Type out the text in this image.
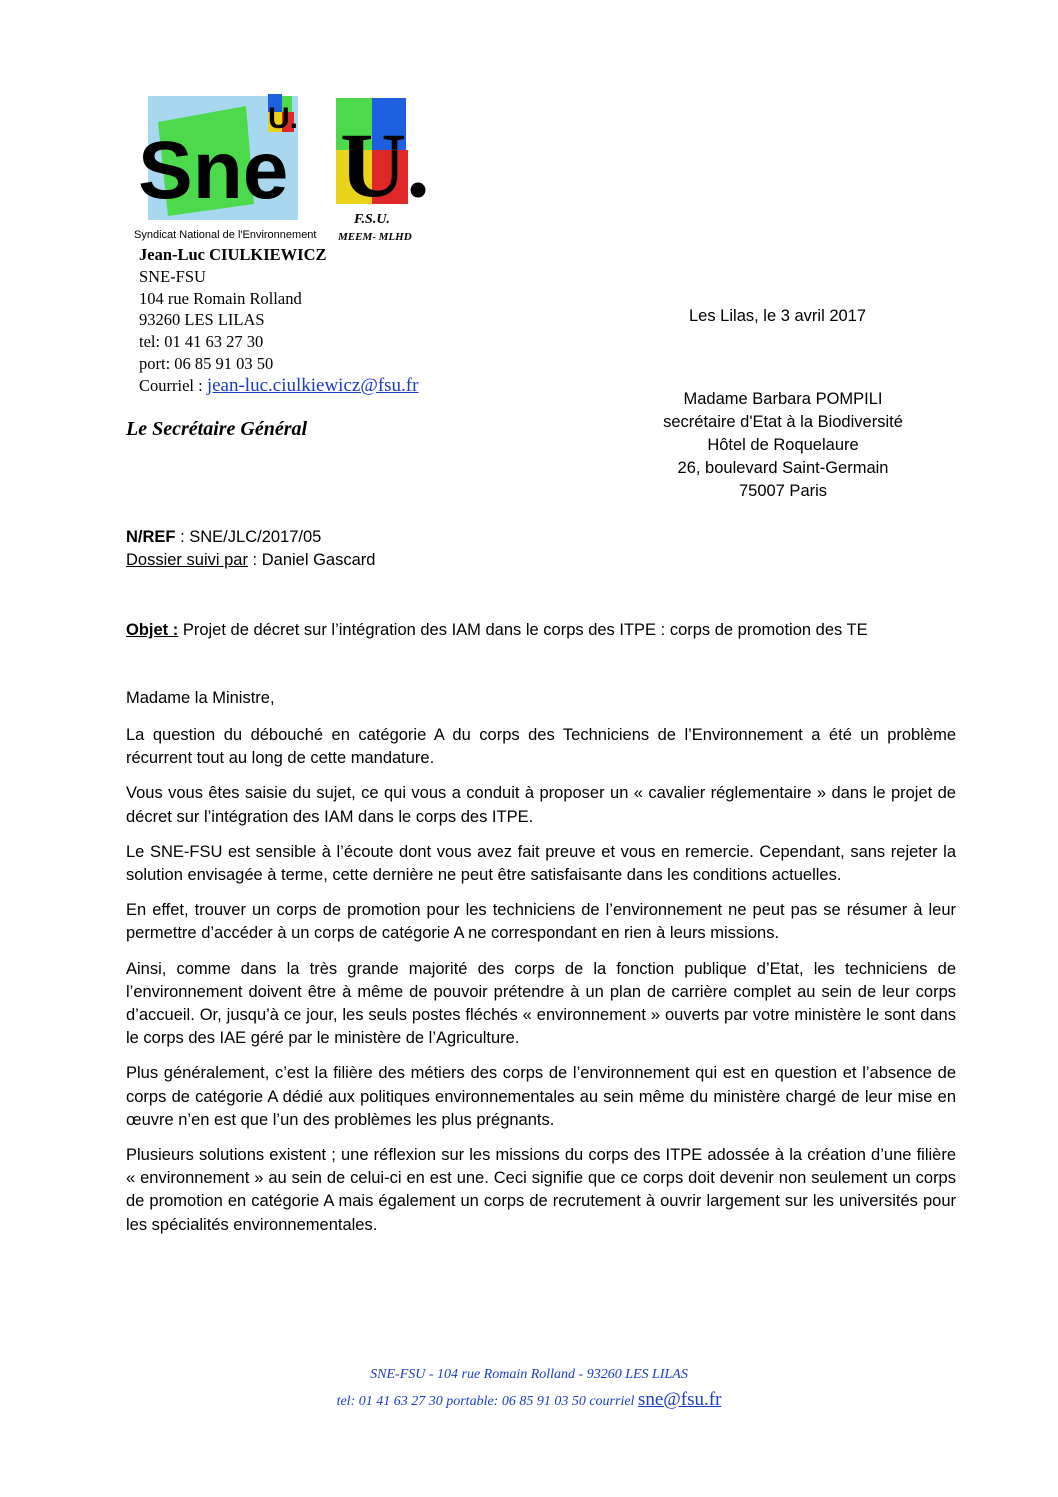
Sne
U.
Syndicat National de l'Environnement
U.
F.S.U.
MEEM- MLHD
Jean-Luc CIULKIEWICZ
SNE-FSU
104 rue Romain Rolland
93260 LES LILAS
tel: 01 41 63 27 30
port: 06 85 91 03 50
Courriel : jean-luc.ciulkiewicz@fsu.fr
Le Secrétaire Général
Les Lilas, le 3 avril 2017
Madame Barbara POMPILI
secrétaire d'Etat à la Biodiversité
Hôtel de Roquelaure
26, boulevard Saint-Germain
75007 Paris
N/REF : SNE/JLC/2017/05
Dossier suivi par : Daniel Gascard
Objet : Projet de décret sur l’intégration des IAM dans le corps des ITPE : corps de promotion des TE
Madame la Ministre,

La question du débouché en catégorie A du corps des Techniciens de l’Environnement a été un problème récurrent tout au long de cette mandature.

Vous vous êtes saisie du sujet, ce qui vous a conduit à proposer un « cavalier réglementaire » dans le projet de décret sur l’intégration des IAM dans le corps des ITPE.

Le SNE-FSU est sensible à l’écoute dont vous avez fait preuve et vous en remercie. Cependant, sans rejeter la solution envisagée à terme, cette dernière ne peut être satisfaisante dans les conditions actuelles.

En effet, trouver un corps de promotion pour les techniciens de l’environnement ne peut pas se résumer à leur permettre d’accéder à un corps de catégorie A ne correspondant en rien à leurs missions.

Ainsi, comme dans la très grande majorité des corps de la fonction publique d’Etat, les techniciens de l’environnement doivent être à même de pouvoir prétendre à un plan de carrière complet au sein de leur corps d’accueil. Or, jusqu’à ce jour, les seuls postes fléchés « environnement » ouverts par votre ministère le sont dans le corps des IAE géré par le ministère de l’Agriculture.

Plus généralement, c’est la filière des métiers des corps de l’environnement qui est en question et l’absence de corps de catégorie A dédié aux politiques environnementales au sein même du ministère chargé de leur mise en œuvre n’en est que l’un des problèmes les plus prégnants.

Plusieurs solutions existent ; une réflexion sur les missions du corps des ITPE adossée à la création d’une filière « environnement » au sein de celui-ci en est une. Ceci signifie que ce corps doit devenir non seulement un corps de promotion en catégorie A mais également un corps de recrutement à ouvrir largement sur les universités pour les spécialités environnementales.

SNE-FSU - 104 rue Romain Rolland - 93260 LES LILAS
tel: 01 41 63 27 30 portable: 06 85 91 03 50 courriel sne@fsu.fr
